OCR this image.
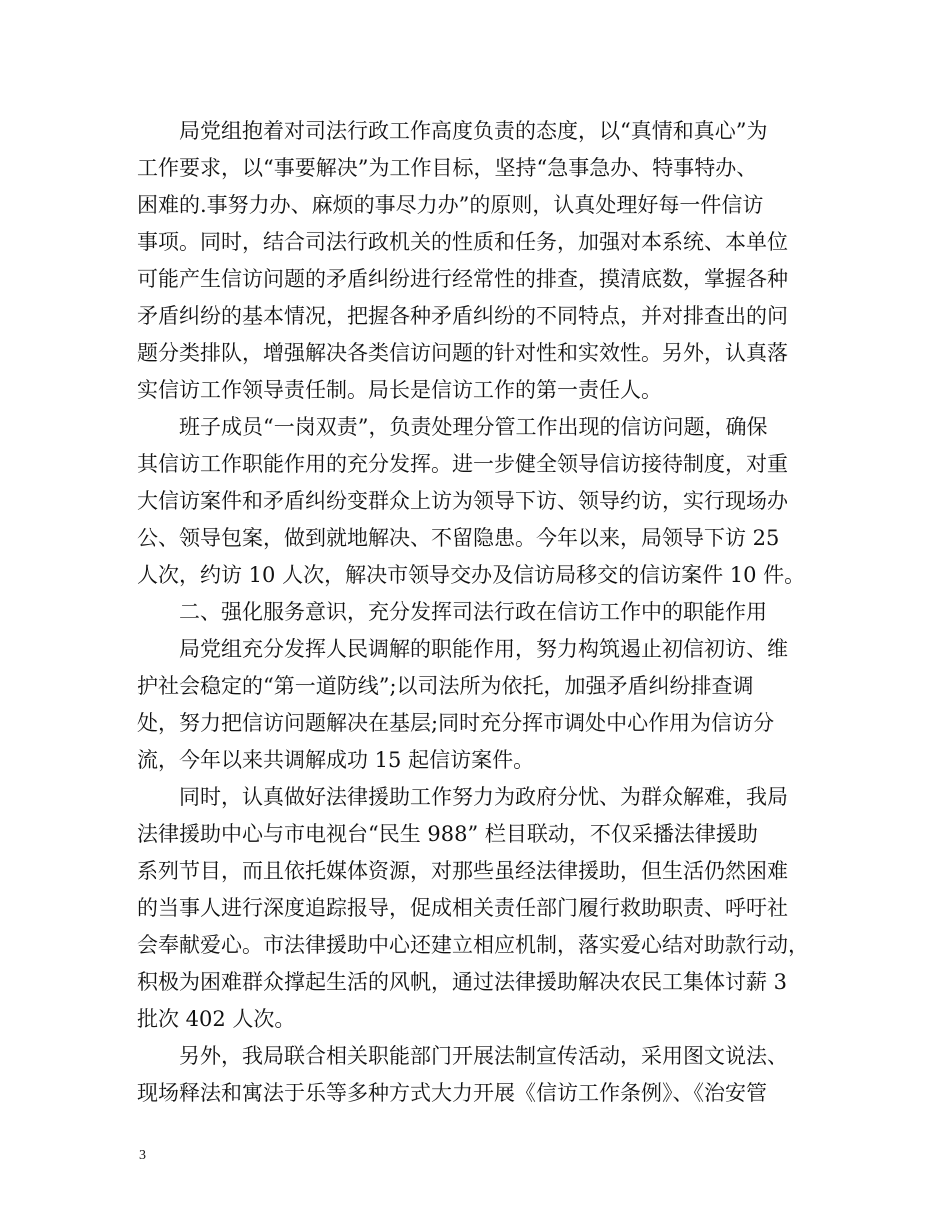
　　局党组抱着对司法行政工作高度负责的态度，以“真情和真心”为
工作要求，以“事要解决”为工作目标，坚持“急事急办、特事特办、
困难的.事努力办、麻烦的事尽力办”的原则，认真处理好每一件信访
事项。同时，结合司法行政机关的性质和任务，加强对本系统、本单位
可能产生信访问题的矛盾纠纷进行经常性的排查，摸清底数，掌握各种
矛盾纠纷的基本情况，把握各种矛盾纠纷的不同特点，并对排查出的问
题分类排队，增强解决各类信访问题的针对性和实效性。另外，认真落
实信访工作领导责任制。局长是信访工作的第一责任人。
　　班子成员“一岗双责”，负责处理分管工作出现的信访问题，确保
其信访工作职能作用的充分发挥。进一步健全领导信访接待制度，对重
大信访案件和矛盾纠纷变群众上访为领导下访、领导约访，实行现场办
公、领导包案，做到就地解决、不留隐患。今年以来，局领导下访 25
人次，约访 10 人次，解决市领导交办及信访局移交的信访案件 10 件。
　　二、强化服务意识，充分发挥司法行政在信访工作中的职能作用
　　局党组充分发挥人民调解的职能作用，努力构筑遏止初信初访、维
护社会稳定的“第一道防线”;以司法所为依托，加强矛盾纠纷排查调
处，努力把信访问题解决在基层;同时充分挥市调处中心作用为信访分
流，今年以来共调解成功 15 起信访案件。
　　同时，认真做好法律援助工作努力为政府分忧、为群众解难，我局
法律援助中心与市电视台“民生 988” 栏目联动，不仅采播法律援助
系列节目，而且依托媒体资源，对那些虽经法律援助，但生活仍然困难
的当事人进行深度追踪报导，促成相关责任部门履行救助职责、呼吁社
会奉献爱心。市法律援助中心还建立相应机制，落实爱心结对助款行动，
积极为困难群众撑起生活的风帆，通过法律援助解决农民工集体讨薪 3
批次 402 人次。
　　另外，我局联合相关职能部门开展法制宣传活动，采用图文说法、
现场释法和寓法于乐等多种方式大力开展《信访工作条例》、《治安管
3
